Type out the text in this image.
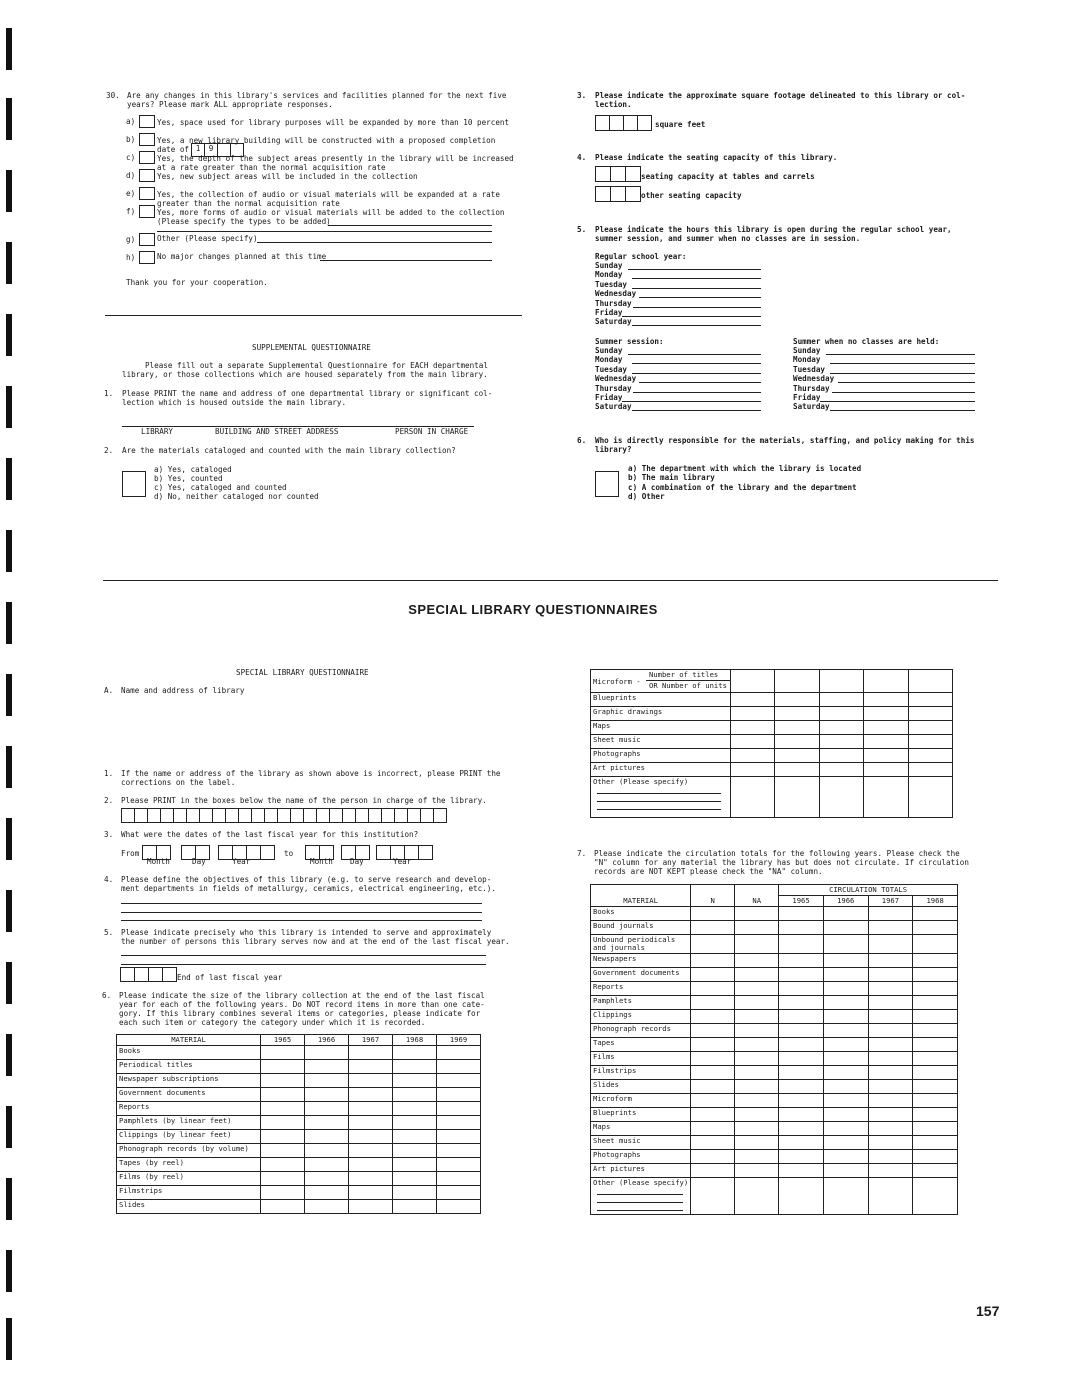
30. Are any changes in this library's services and facilities planned for the next five
years? Please mark ALL appropriate responses.
a)	Yes, space used for library purposes will be expanded by more than 10 percent
b)	Yes, a new library building will be constructed with a proposed completion
date of 1	9
c)	Yes, the depth of the subject areas presently in the library will be increased
at a rate greater than the normal acquisition rate
d)	Yes, new subject areas will be included in the collection
e)	Yes, the collection of audio or visual materials will be expanded at a rate
greater than the normal acquisition rate
f)	Yes, more forms of audio or visual materials will be added to the collection
(Please specify the types to be added)
g)	Other (Please specify)
h)	No major changes planned at this time
Thank you for your cooperation.
SUPPLEMENTAL QUESTIONNAIRE
Please fill out a separate Supplemental Questionnaire for EACH departmental
library, or those collections which are housed separately from the main library.
1. Please PRINT the name and address of one departmental library or significant col-
lection which is housed outside the main library.
LIBRARY	BUILDING AND STREET ADDRESS	PERSON IN CHARGE
2. Are the materials cataloged and counted with the main library collection?
a) Yes, cataloged
b) Yes, counted
c) Yes, cataloged and counted
d) No, neither cataloged nor counted
3. Please indicate the approximate square footage delineated to this library or col-
lection.
square feet
4. Please indicate the seating capacity of this library.
seating capacity at tables and carrels
other seating capacity
5. Please indicate the hours this library is open during the regular school year,
summer session, and summer when no classes are in session.
Regular school year:
Sunday
Monday
Tuesday
Wednesday
Thursday
Friday
Saturday
Summer session:
Sunday
Monday
Tuesday
Wednesday
Thursday
Friday
Saturday
Summer when no classes are held:
Sunday
Monday
Tuesday
Wednesday
Thursday
Friday
Saturday
6. Who is directly responsible for the materials, staffing, and policy making for this
library?
a) The department with which the library is located
b) The main library
c) A combination of the library and the department
d) Other
SPECIAL LIBRARY QUESTIONNAIRES
SPECIAL LIBRARY QUESTIONNAIRE
A. Name and address of library
1. If the name or address of the library as shown above is incorrect, please PRINT the
corrections on the label.
2. Please PRINT in the boxes below the name of the person in charge of the library.
3. What were the dates of the last fiscal year for this institution?
From
Month	Day	Year
to
Month Day	Year
4. Please define the objectives of this library (e.g. to serve research and develop-
ment departments in fields of metallurgy, ceramics, electrical engineering, etc.).
5. Please indicate precisely who this library is intended to serve and approximately
the number of persons this library serves now and at the end of the last fiscal year.
End of last fiscal year
6. Please indicate the size of the library collection at the end of the last fiscal
year for each of the following years. Do NOT record items in more than one cate-
gory. If this library combines several items or categories, please indicate for
each such item or category the category under which it is recorded.
MATERIAL	1965	1966	1967	1968	1969
Books					
Periodical titles					
Newspaper subscriptions					
Government documents					
Reports					
Pamphlets (by linear feet)					
Clippings (by linear feet)					
Phonograph records (by volume)					
Tapes (by reel)					
Films (by reel)					
Filmstrips					
Slides					
Microform -
Number of titles
OR Number of units					

Blueprints					
Graphic drawings					
Maps					
Sheet music					
Photographs					
Art pictures					
Other (Please specify)

7. Please indicate the circulation totals for the following years. Please check the
"N" column for any material the library has but does not circulate. If circulation
records are NOT KEPT please check the "NA" column.
			CIRCULATION TOTALS			
MATERIAL	N	NA	1965	1966	1967	1968
Books						
Bound journals						
Unbound periodicals and journals						
Newspapers						
Government documents						
Reports						
Pamphlets						
Clippings						
Phonograph records						
Tapes						
Films						
Filmstrips						
Slides						
Microform						
Blueprints						
Maps						
Sheet music						
Photographs						
Art pictures						
Other (Please specify)

157
